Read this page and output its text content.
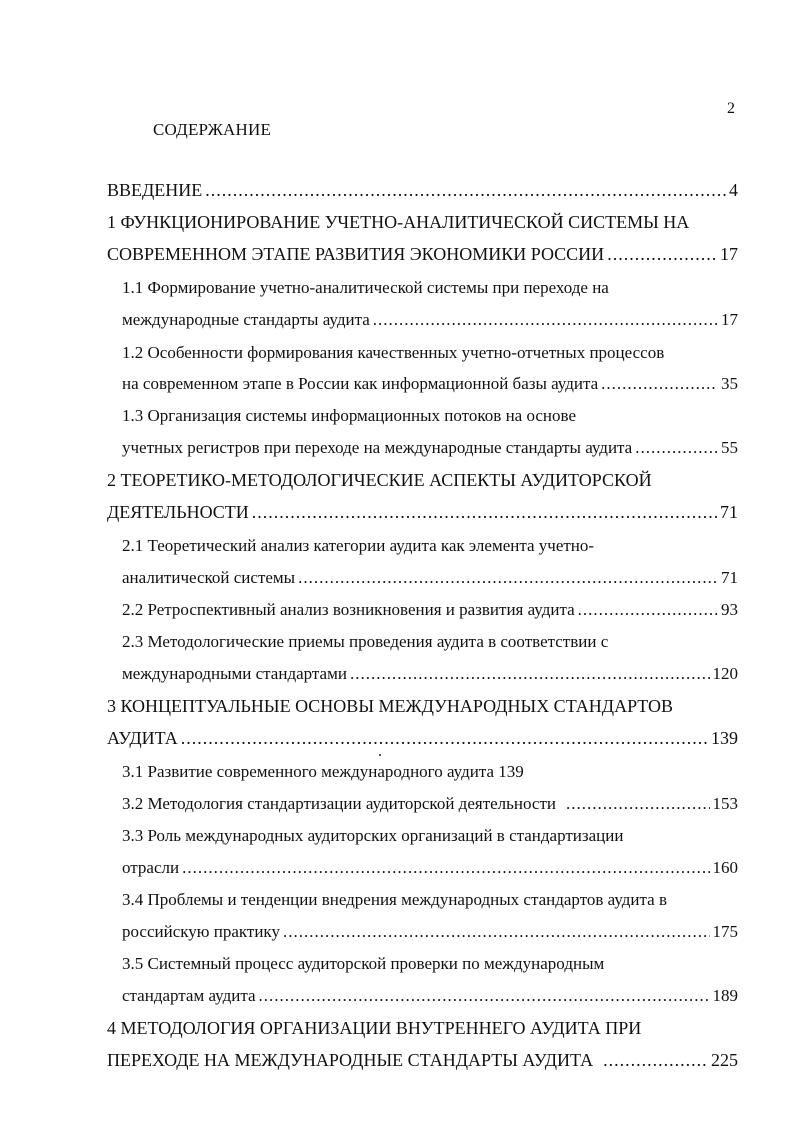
2
СОДЕРЖАНИЕ
ВВЕДЕНИЕ .....	4
1 ФУНКЦИОНИРОВАНИЕ УЧЕТНО-АНАЛИТИЧЕСКОЙ СИСТЕМЫ НА
СОВРЕМЕННОМ ЭТАПЕ РАЗВИТИЯ ЭКОНОМИКИ РОССИИ .....	17
1.1 Формирование учетно-аналитической системы при переходе на
международные стандарты аудита .....	17
1.2 Особенности формирования качественных учетно-отчетных процессов
на современном этапе в России как информационной базы аудита .....	35
1.3 Организация системы информационных потоков на основе
учетных регистров при переходе на международные стандарты аудита .....	55
2 ТЕОРЕТИКО-МЕТОДОЛОГИЧЕСКИЕ АСПЕКТЫ АУДИТОРСКОЙ
ДЕЯТЕЛЬНОСТИ .....	71
2.1 Теоретический анализ категории аудита как элемента учетно-
аналитической системы .....	71
2.2 Ретроспективный анализ возникновения и развития аудита .....	93
2.3 Методологические приемы проведения аудита в соответствии с
международными стандартами .....	120
3 КОНЦЕПТУАЛЬНЫЕ ОСНОВЫ МЕЖДУНАРОДНЫХ СТАНДАРТОВ
АУДИТА .....	139
3.1 Развитие современного международного аудита 139
3.2 Методология стандартизации аудиторской деятельности .....	153
3.3 Роль международных аудиторских организаций в стандартизации
отрасли .....	160
3.4 Проблемы и тенденции внедрения международных стандартов аудита в
российскую практику .....	175
3.5 Системный процесс аудиторской проверки по международным
стандартам аудита .....	189
4 МЕТОДОЛОГИЯ ОРГАНИЗАЦИИ ВНУТРЕННЕГО АУДИТА ПРИ
ПЕРЕХОДЕ НА МЕЖДУНАРОДНЫЕ СТАНДАРТЫ АУДИТА .....	225
